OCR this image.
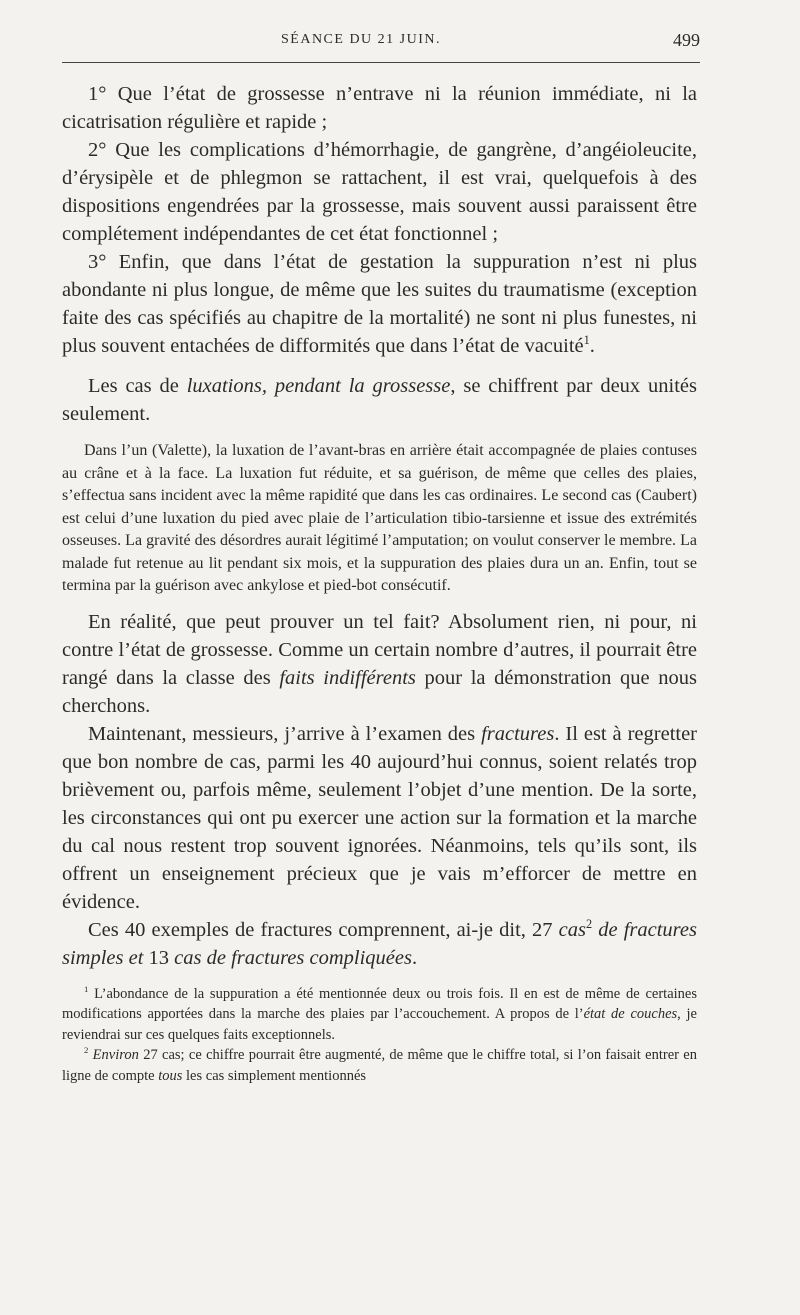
SÉANCE DU 21 JUIN.	499

1° Que l’état de grossesse n’entrave ni la réunion immédiate, ni la cicatrisation régulière et rapide ;

2° Que les complications d’hémorrhagie, de gangrène, d’angéioleucite, d’érysipèle et de phlegmon se rattachent, il est vrai, quelquefois à des dispositions engendrées par la grossesse, mais souvent aussi paraissent être complétement indépendantes de cet état fonctionnel ;

3° Enfin, que dans l’état de gestation la suppuration n’est ni plus abondante ni plus longue, de même que les suites du traumatisme (exception faite des cas spécifiés au chapitre de la mortalité) ne sont ni plus funestes, ni plus souvent entachées de difformités que dans l’état de vacuité$^1$.

Les cas de luxations, pendant la grossesse, se chiffrent par deux unités seulement.

Dans l’un (Valette), la luxation de l’avant-bras en arrière était accompagnée de plaies contuses au crâne et à la face. La luxation fut réduite, et sa guérison, de même que celles des plaies, s’effectua sans incident avec la même rapidité que dans les cas ordinaires. Le second cas (Caubert) est celui d’une luxation du pied avec plaie de l’articulation tibio-tarsienne et issue des extrémités osseuses. La gravité des désordres aurait légitimé l’amputation; on voulut conserver le membre. La malade fut retenue au lit pendant six mois, et la suppuration des plaies dura un an. Enfin, tout se termina par la guérison avec ankylose et pied-bot consécutif.

En réalité, que peut prouver un tel fait? Absolument rien, ni pour, ni contre l’état de grossesse. Comme un certain nombre d’autres, il pourrait être rangé dans la classe des faits indifférents pour la démonstration que nous cherchons.

Maintenant, messieurs, j’arrive à l’examen des fractures. Il est à regretter que bon nombre de cas, parmi les 40 aujourd’hui connus, soient relatés trop brièvement ou, parfois même, seulement l’objet d’une mention. De la sorte, les circonstances qui ont pu exercer une action sur la formation et la marche du cal nous restent trop souvent ignorées. Néanmoins, tels qu’ils sont, ils offrent un enseignement précieux que je vais m’efforcer de mettre en évidence.

Ces 40 exemples de fractures comprennent, ai-je dit, 27 cas$^2$ de fractures simples et 13 cas de fractures compliquées.

$^1$ L’abondance de la suppuration a été mentionnée deux ou trois fois. Il en est de même de certaines modifications apportées dans la marche des plaies par l’accouchement. A propos de l’état de couches, je reviendrai sur ces quelques faits exceptionnels.

$^2$ Environ 27 cas; ce chiffre pourrait être augmenté, de même que le chiffre total, si l’on faisait entrer en ligne de compte tous les cas simplement mentionnés
